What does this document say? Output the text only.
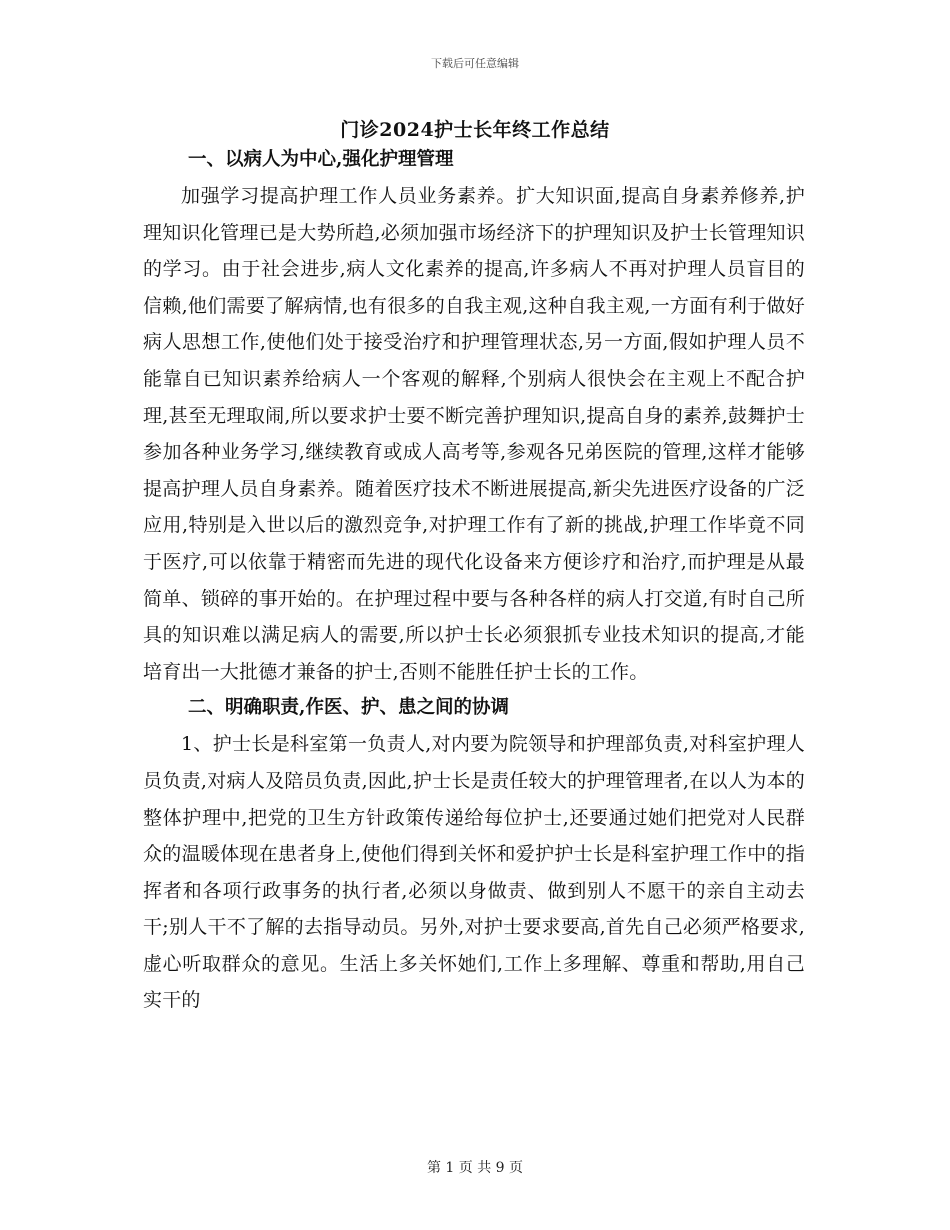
下载后可任意编辑
门诊2024护士长年终工作总结
一、以病人为中心,强化护理管理

加强学习提高护理工作人员业务素养。扩大知识面,提高自身素养修养,护理知识化管理已是大势所趋,必须加强市场经济下的护理知识及护士长管理知识的学习。由于社会进步,病人文化素养的提高,许多病人不再对护理人员盲目的信赖,他们需要了解病情,也有很多的自我主观,这种自我主观,一方面有利于做好病人思想工作,使他们处于接受治疗和护理管理状态,另一方面,假如护理人员不能靠自已知识素养给病人一个客观的解释,个别病人很快会在主观上不配合护理,甚至无理取闹,所以要求护士要不断完善护理知识,提高自身的素养,鼓舞护士参加各种业务学习,继续教育或成人高考等,参观各兄弟医院的管理,这样才能够提高护理人员自身素养。随着医疗技术不断进展提高,新尖先进医疗设备的广泛应用,特别是入世以后的激烈竞争,对护理工作有了新的挑战,护理工作毕竟不同于医疗,可以依靠于精密而先进的现代化设备来方便诊疗和治疗,而护理是从最简单、锁碎的事开始的。在护理过程中要与各种各样的病人打交道,有时自己所具的知识难以满足病人的需要,所以护士长必须狠抓专业技术知识的提高,才能培育出一大批德才兼备的护士,否则不能胜任护士长的工作。

二、明确职责,作医、护、患之间的协调

1、护士长是科室第一负责人,对内要为院领导和护理部负责,对科室护理人员负责,对病人及陪员负责,因此,护士长是责任较大的护理管理者,在以人为本的整体护理中,把党的卫生方针政策传递给每位护士,还要通过她们把党对人民群众的温暖体现在患者身上,使他们得到关怀和爱护护士长是科室护理工作中的指挥者和各项行政事务的执行者,必须以身做责、做到别人不愿干的亲自主动去干;别人干不了解的去指导动员。另外,对护士要求要高,首先自己必须严格要求,虚心听取群众的意见。生活上多关怀她们,工作上多理解、尊重和帮助,用自己实干的

第 1 页 共 9 页
